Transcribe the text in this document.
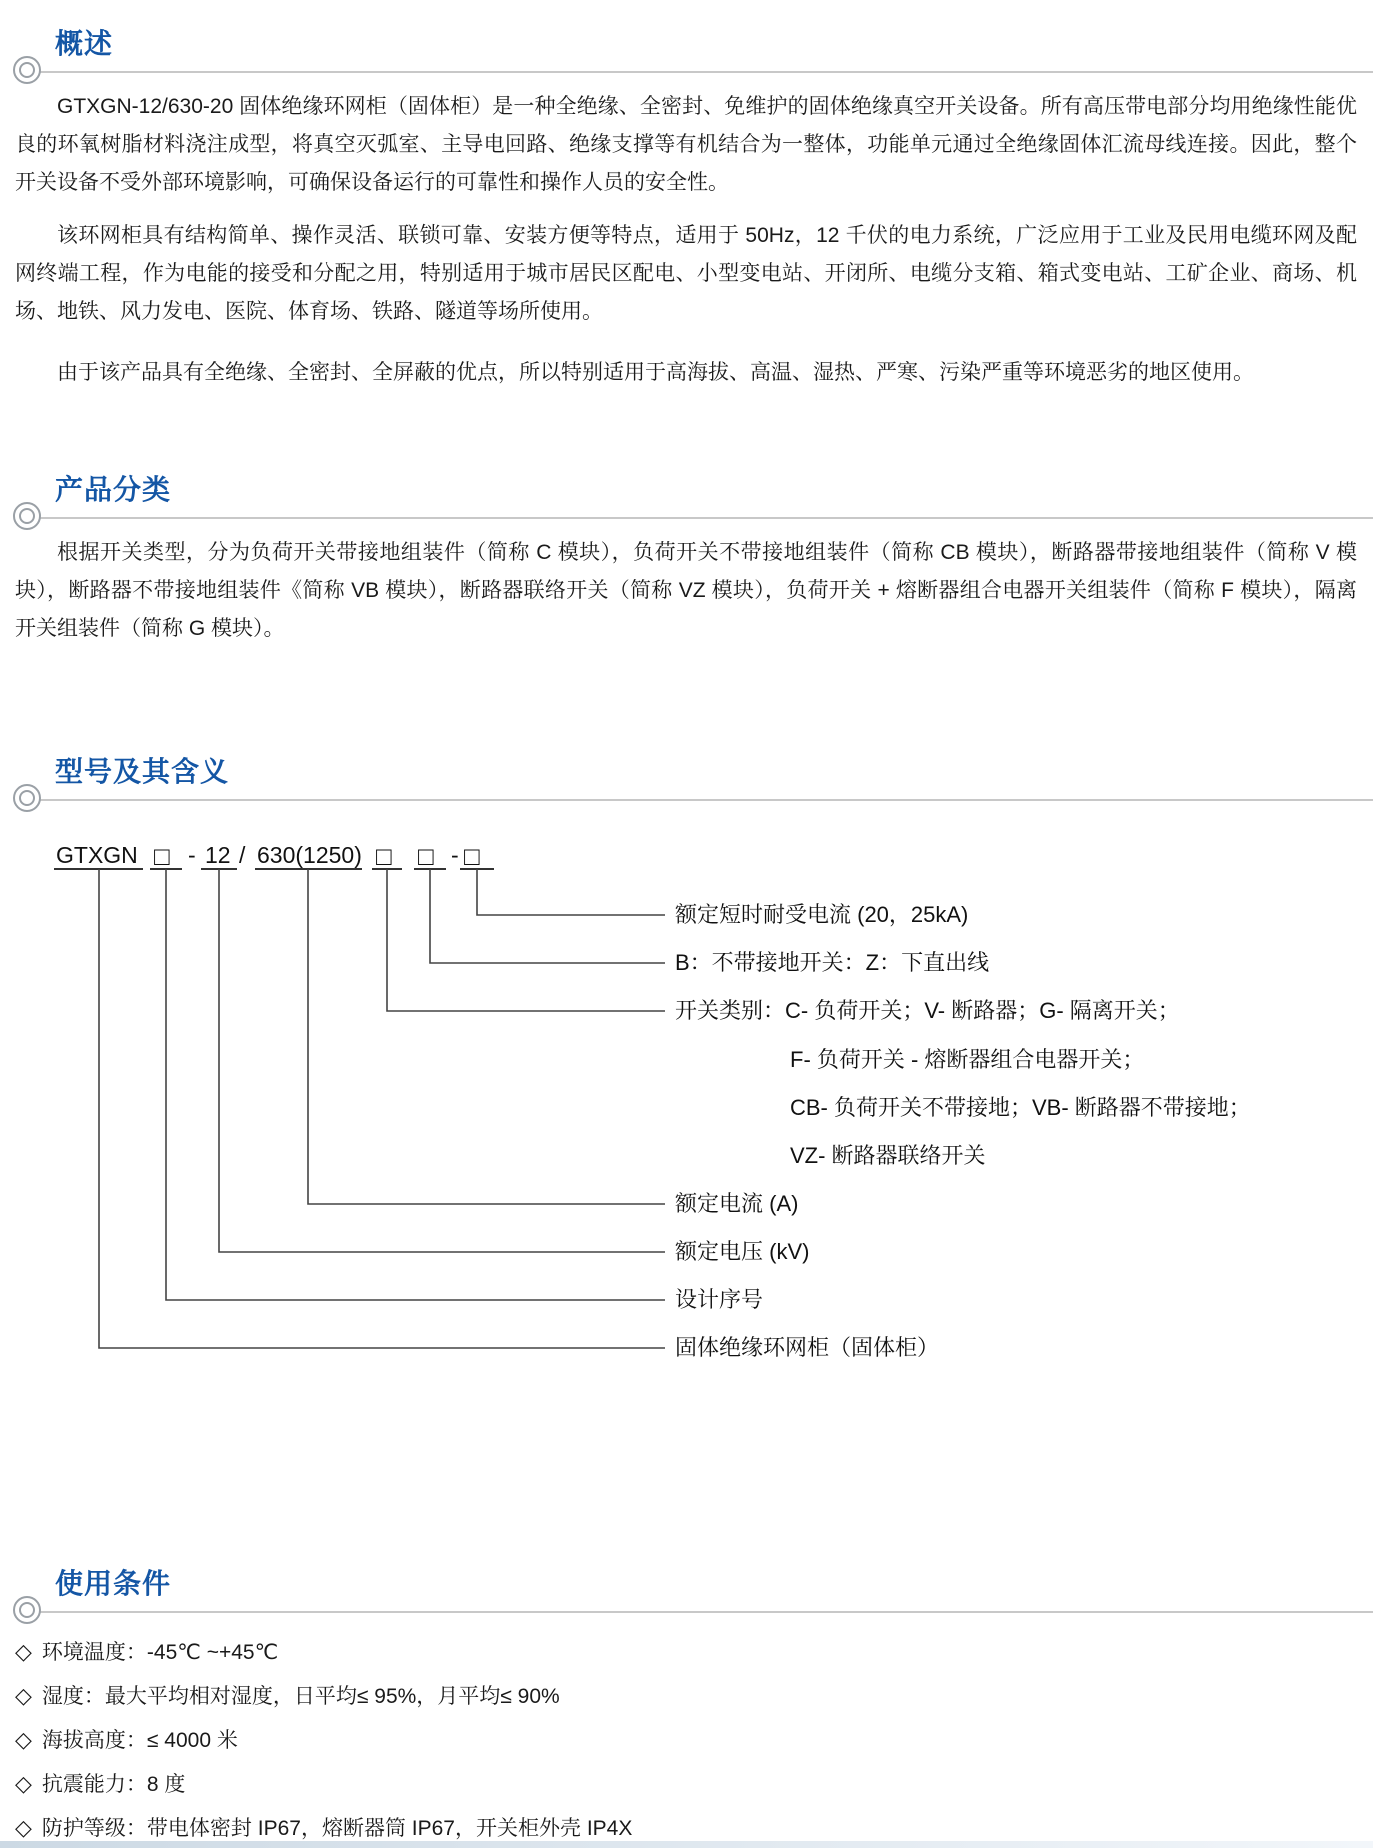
概述

GTXGN-12/630-20 固体绝缘环网柜（固体柜）是一种全绝缘、全密封、免维护的固体绝缘真空开关设备。所有高压带电部分均用绝缘性能优良的环氧树脂材料浇注成型，将真空灭弧室、主导电回路、绝缘支撑等有机结合为一整体，功能单元通过全绝缘固体汇流母线连接。因此，整个开关设备不受外部环境影响，可确保设备运行的可靠性和操作人员的安全性。

该环网柜具有结构简单、操作灵活、联锁可靠、安装方便等特点，适用于 50Hz，12 千伏的电力系统，广泛应用于工业及民用电缆环网及配网终端工程，作为电能的接受和分配之用，特别适用于城市居民区配电、小型变电站、开闭所、电缆分支箱、箱式变电站、工矿企业、商场、机场、地铁、风力发电、医院、体育场、铁路、隧道等场所使用。

由于该产品具有全绝缘、全密封、全屏蔽的优点，所以特别适用于高海拔、高温、湿热、严寒、污染严重等环境恶劣的地区使用。

产品分类

根据开关类型，分为负荷开关带接地组装件（简称 C 模块），负荷开关不带接地组装件（简称 CB 模块），断路器带接地组装件（简称 V 模块），断路器不带接地组装件《简称 VB 模块），断路器联络开关（简称 VZ 模块），负荷开关 + 熔断器组合电器开关组装件（简称 F 模块），隔离开关组装件（简称 G 模块）。

型号及其含义
GTXGN □ - 12 / 630(1250) □ □ - □
额定短时耐受电流 (20，25kA)
B：不带接地开关：Z：下直出线
开关类别：C- 负荷开关；V- 断路器；G- 隔离开关；
F- 负荷开关 - 熔断器组合电器开关；
CB- 负荷开关不带接地；VB- 断路器不带接地；
VZ- 断路器联络开关
额定电流 (A)
额定电压 (kV)
设计序号
固体绝缘环网柜（固体柜）
使用条件
◇ 环境温度：-45℃ ~+45℃
◇ 湿度：最大平均相对湿度，日平均≤ 95%，月平均≤ 90%
◇ 海拔高度：≤ 4000 米
◇ 抗震能力：8 度
◇ 防护等级：带电体密封 IP67，熔断器筒 IP67，开关柜外壳 IP4X
